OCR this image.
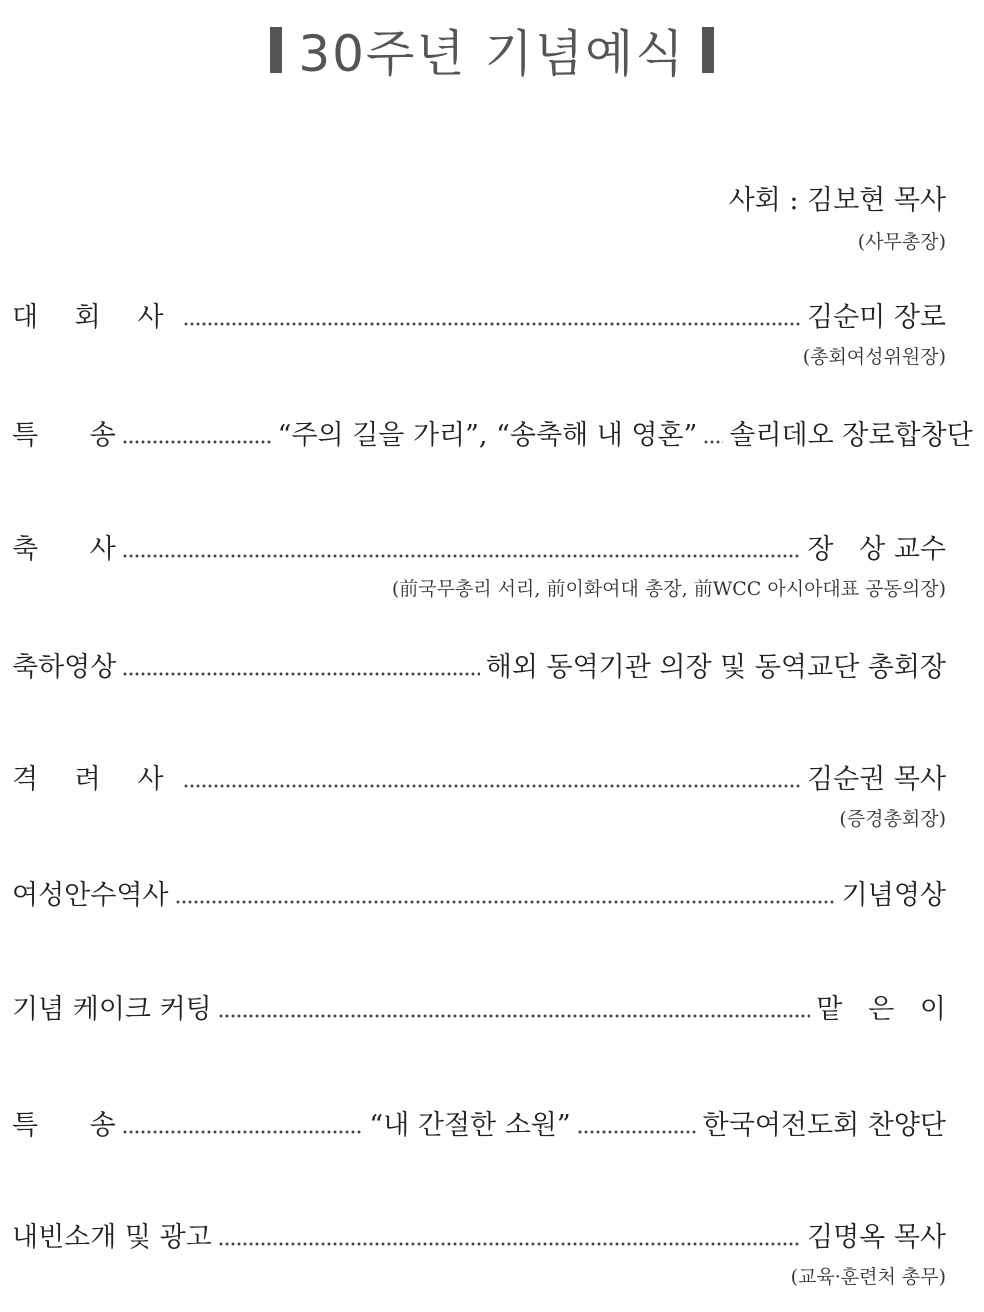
30주년 기념예식
사회 : 김보현 목사
(사무총장)
대 회 사	김순미 장로
(총회여성위원장)
특      송	“주의 길을 가리”, “송축해 내 영혼” 솔리데오 장로합창단
축      사	장   상 교수
(前국무총리 서리, 前이화여대 총장, 前WCC 아시아대표 공동의장)
축하영상	해외 동역기관 의장 및 동역교단 총회장
격 려 사	김순권 목사
(증경총회장)
여성안수역사	기념영상
기념 케이크 커팅	맡   은   이
특      송	“내 간절한 소원”	한국여전도회 찬양단
내빈소개 및 광고	김명옥 목사
(교육·훈련처 총무)
